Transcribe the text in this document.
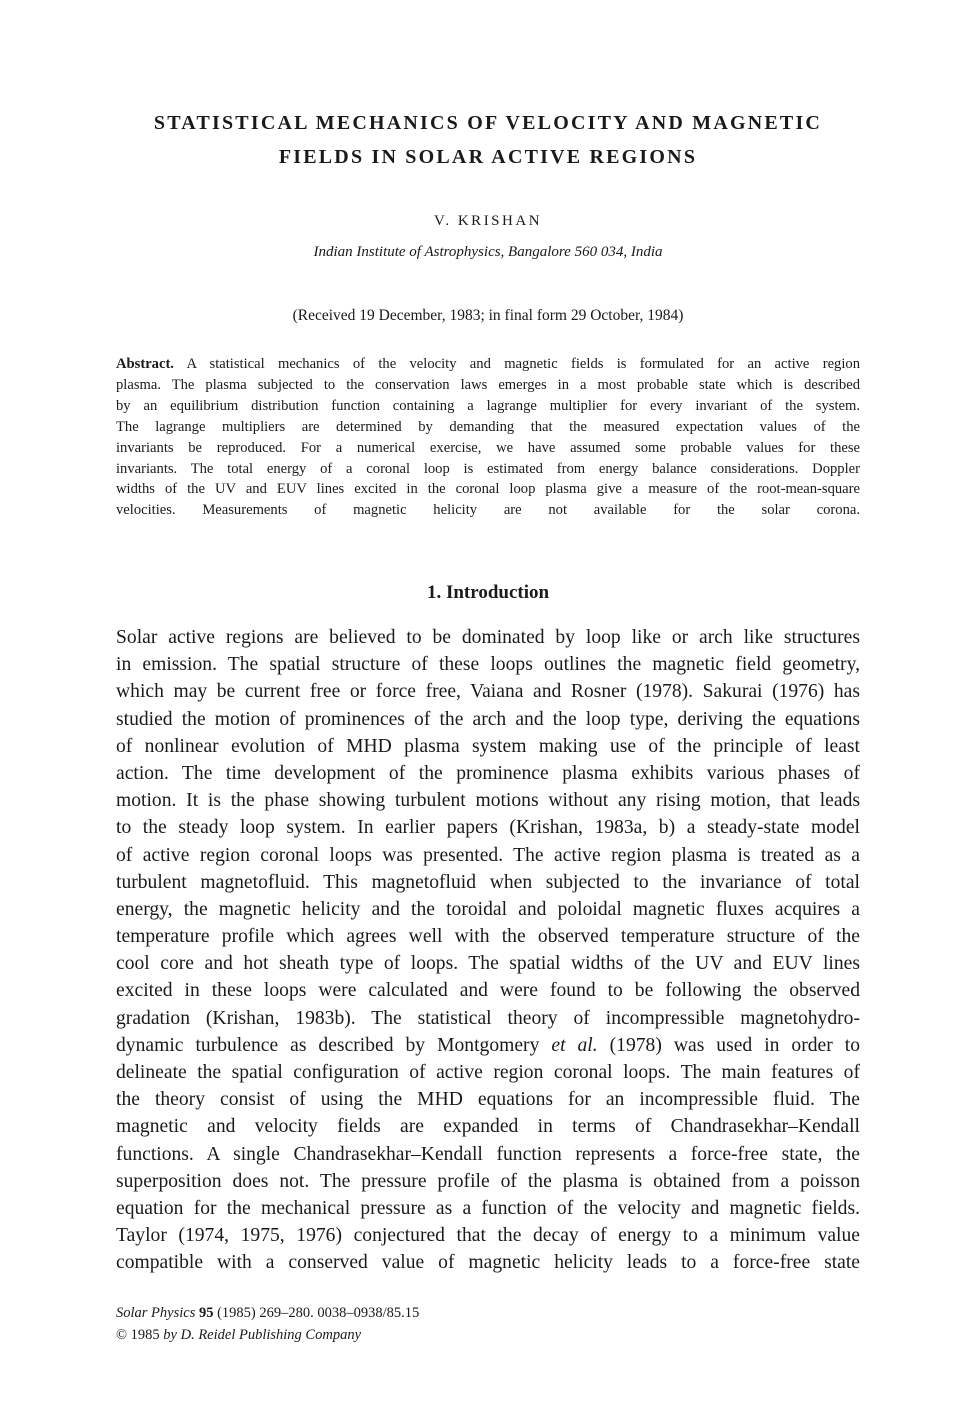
STATISTICAL MECHANICS OF VELOCITY AND MAGNETIC
FIELDS IN SOLAR ACTIVE REGIONS

V. KRISHAN

Indian Institute of Astrophysics, Bangalore 560 034, India

(Received 19 December, 1983; in final form 29 October, 1984)

Abstract. A statistical mechanics of the velocity and magnetic fields is formulated for an active region
plasma. The plasma subjected to the conservation laws emerges in a most probable state which is described
by an equilibrium distribution function containing a lagrange multiplier for every invariant of the system.
The lagrange multipliers are determined by demanding that the measured expectation values of the
invariants be reproduced. For a numerical exercise, we have assumed some probable values for these
invariants. The total energy of a coronal loop is estimated from energy balance considerations. Doppler
widths of the UV and EUV lines excited in the coronal loop plasma give a measure of the root-mean-square
velocities. Measurements of magnetic helicity are not available for the solar corona.
1. Introduction
Solar active regions are believed to be dominated by loop like or arch like structures
in emission. The spatial structure of these loops outlines the magnetic field geometry,
which may be current free or force free, Vaiana and Rosner (1978). Sakurai (1976) has
studied the motion of prominences of the arch and the loop type, deriving the equations
of nonlinear evolution of MHD plasma system making use of the principle of least
action. The time development of the prominence plasma exhibits various phases of
motion. It is the phase showing turbulent motions without any rising motion, that leads
to the steady loop system. In earlier papers (Krishan, 1983a, b) a steady-state model
of active region coronal loops was presented. The active region plasma is treated as a
turbulent magnetofluid. This magnetofluid when subjected to the invariance of total
energy, the magnetic helicity and the toroidal and poloidal magnetic fluxes acquires a
temperature profile which agrees well with the observed temperature structure of the
cool core and hot sheath type of loops. The spatial widths of the UV and EUV lines
excited in these loops were calculated and were found to be following the observed
gradation (Krishan, 1983b). The statistical theory of incompressible magnetohydro-
dynamic turbulence as described by Montgomery et al. (1978) was used in order to
delineate the spatial configuration of active region coronal loops. The main features of
the theory consist of using the MHD equations for an incompressible fluid. The
magnetic and velocity fields are expanded in terms of Chandrasekhar–Kendall
functions. A single Chandrasekhar–Kendall function represents a force-free state, the
superposition does not. The pressure profile of the plasma is obtained from a poisson
equation for the mechanical pressure as a function of the velocity and magnetic fields.
Taylor (1974, 1975, 1976) conjectured that the decay of energy to a minimum value
compatible with a conserved value of magnetic helicity leads to a force-free state
Solar Physics 95 (1985) 269–280. 0038–0938/85.15
© 1985 by D. Reidel Publishing Company
